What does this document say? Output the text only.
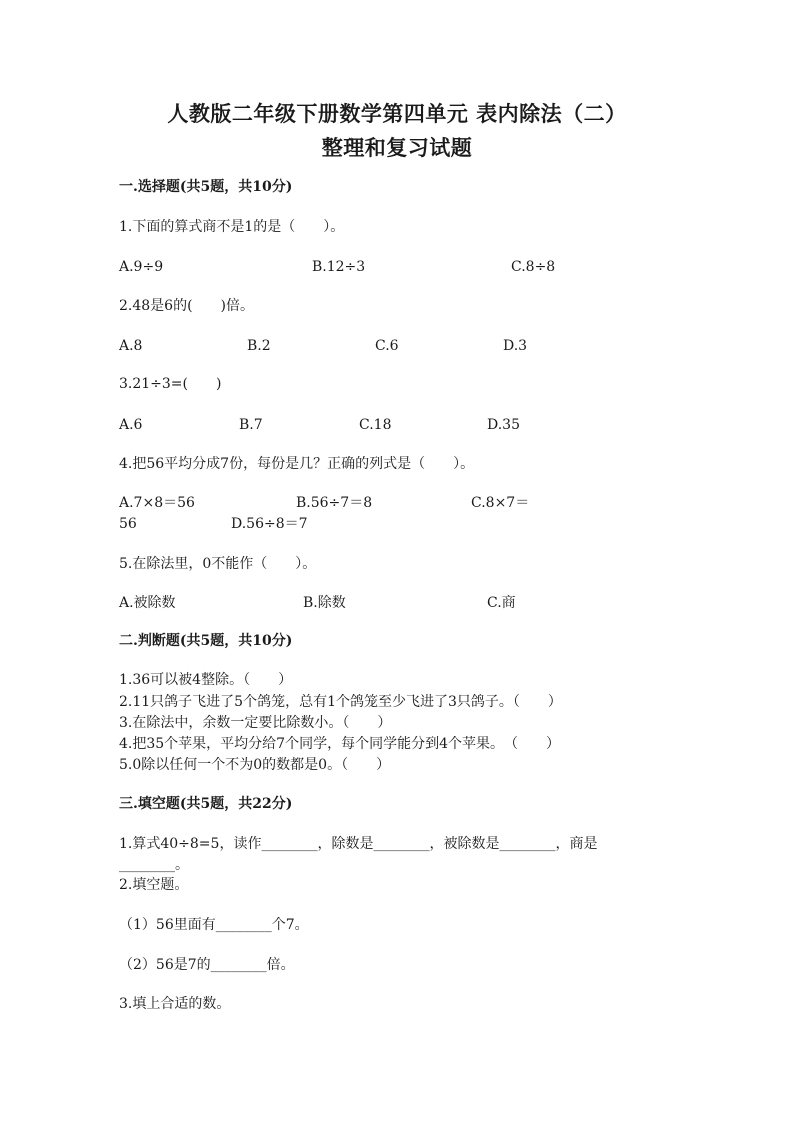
人教版二年级下册数学第四单元 表内除法（二）
整理和复习试题
一.选择题(共5题，共10分)
1.下面的算式商不是1的是（　　）。
A.9÷9	B.12÷3	C.8÷8
2.48是6的(　　)倍。
A.8	B.2	C.6	D.3
3.21÷3=(　　)
A.6	B.7	C.18	D.35
4.把56平均分成7份，每份是几？正确的列式是（　　）。
A.7×8＝56	B.56÷7＝8	C.8×7＝
56	D.56÷8＝7
5.在除法里，0不能作（　　）。
A.被除数	B.除数	C.商
二.判断题(共5题，共10分)
1.36可以被4整除。（　　）
2.11只鸽子飞进了5个鸽笼，总有1个鸽笼至少飞进了3只鸽子。（　　）
3.在除法中，余数一定要比除数小。（　　）
4.把35个苹果，平均分给7个同学，每个同学能分到4个苹果。　（　　）
5.0除以任何一个不为0的数都是0。（　　）
三.填空题(共5题，共22分)
1.算式40÷8=5，读作________，除数是________，被除数是________，商是
________。
2.填空题。
（1）56里面有________个7。
（2）56是7的________倍。
3.填上合适的数。
